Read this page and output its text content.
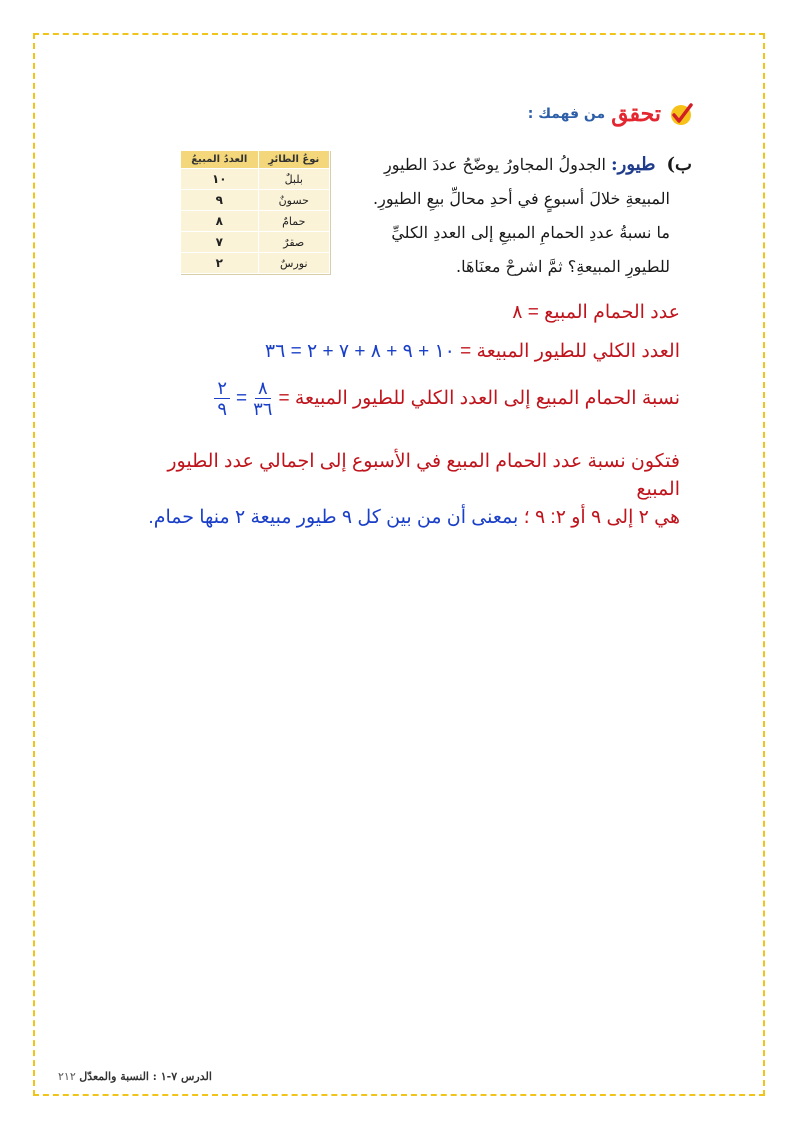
تحقق
من فهمك :
ب) طيور: الجدولُ المجاورُ يوضّحُ عددَ الطيورِ
المبيعةِ خلالَ أسبوعٍ في أحدِ محالِّ بيعِ الطيورِ.
ما نسبةُ عددِ الحمامِ المبيعِ إلى العددِ الكليِّ
للطيورِ المبيعةِ؟ ثمَّ اشرحْ معنَاهَا.
نوعُ الطائرِ	العددُ المبيعُ
بلبلٌ	١٠
حسونٌ	٩
حمامٌ	٨
صقرٌ	٧
نورسٌ	٢
عدد الحمام المبيع = ٨
العدد الكلي للطيور المبيعة = ١٠ + ٩ + ٨ + ٧ + ٢ = ٣٦
نسبة الحمام المبيع إلى العدد الكلي للطيور المبيعة =
$\frac{٨}{٣٦}$
=
$\frac{٢}{٩}$
فتكون نسبة عدد الحمام المبيع في الأسبوع إلى اجمالي عدد الطيور المبيع
هي ٢ إلى ٩ أو ٢: ٩ ؛ بمعنى أن من بين كل ٩ طيور مبيعة ٢ منها حمام.
الدرس ٧-١ : النسبة والمعدّل ٢١٢
